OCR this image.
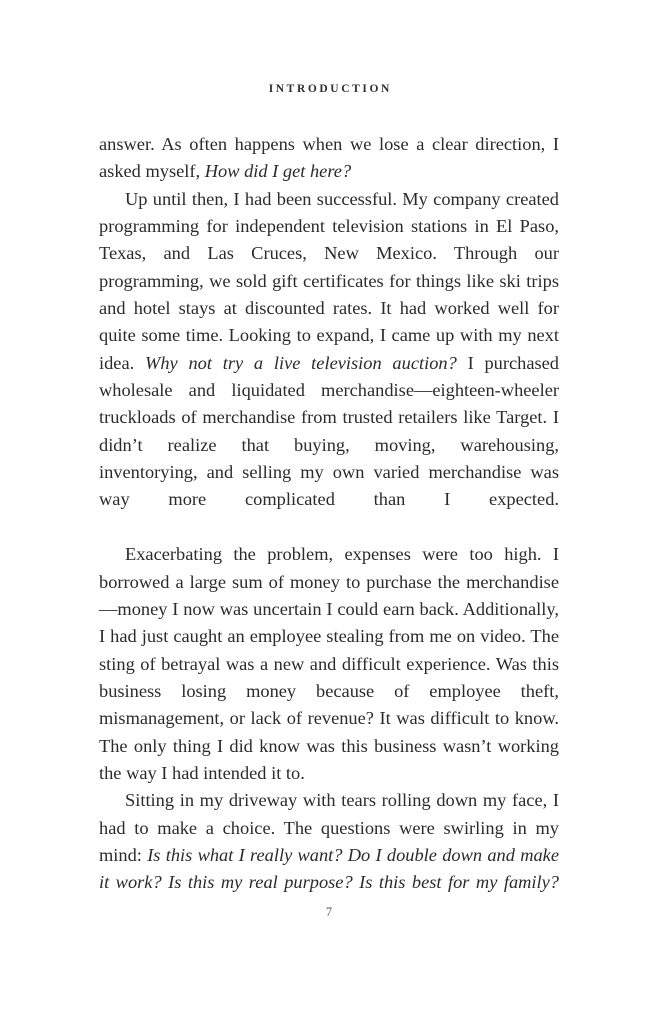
INTRODUCTION

answer. As often happens when we lose a clear direction, I asked myself, How did I get here?

Up until then, I had been successful. My company created programming for independent television stations in El Paso, Texas, and Las Cruces, New Mexico. Through our programming, we sold gift certificates for things like ski trips and hotel stays at discounted rates. It had worked well for quite some time. Looking to expand, I came up with my next idea. Why not try a live television auction? I purchased wholesale and liquidated merchandise—eighteen-wheeler truckloads of merchandise from trusted retailers like Target. I didn’t realize that buying, moving, warehousing, inventorying, and selling my own varied merchandise was way more complicated than I expected.

Exacerbating the problem, expenses were too high. I borrowed a large sum of money to purchase the merchandise—money I now was uncertain I could earn back. Additionally, I had just caught an employee stealing from me on video. The sting of betrayal was a new and difficult experience. Was this business losing money because of employee theft, mismanagement, or lack of revenue? It was difficult to know. The only thing I did know was this business wasn’t working the way I had intended it to.

Sitting in my driveway with tears rolling down my face, I had to make a choice. The questions were swirling in my mind: Is this what I really want? Do I double down and make it work? Is this my real purpose? Is this best for my family?

7
